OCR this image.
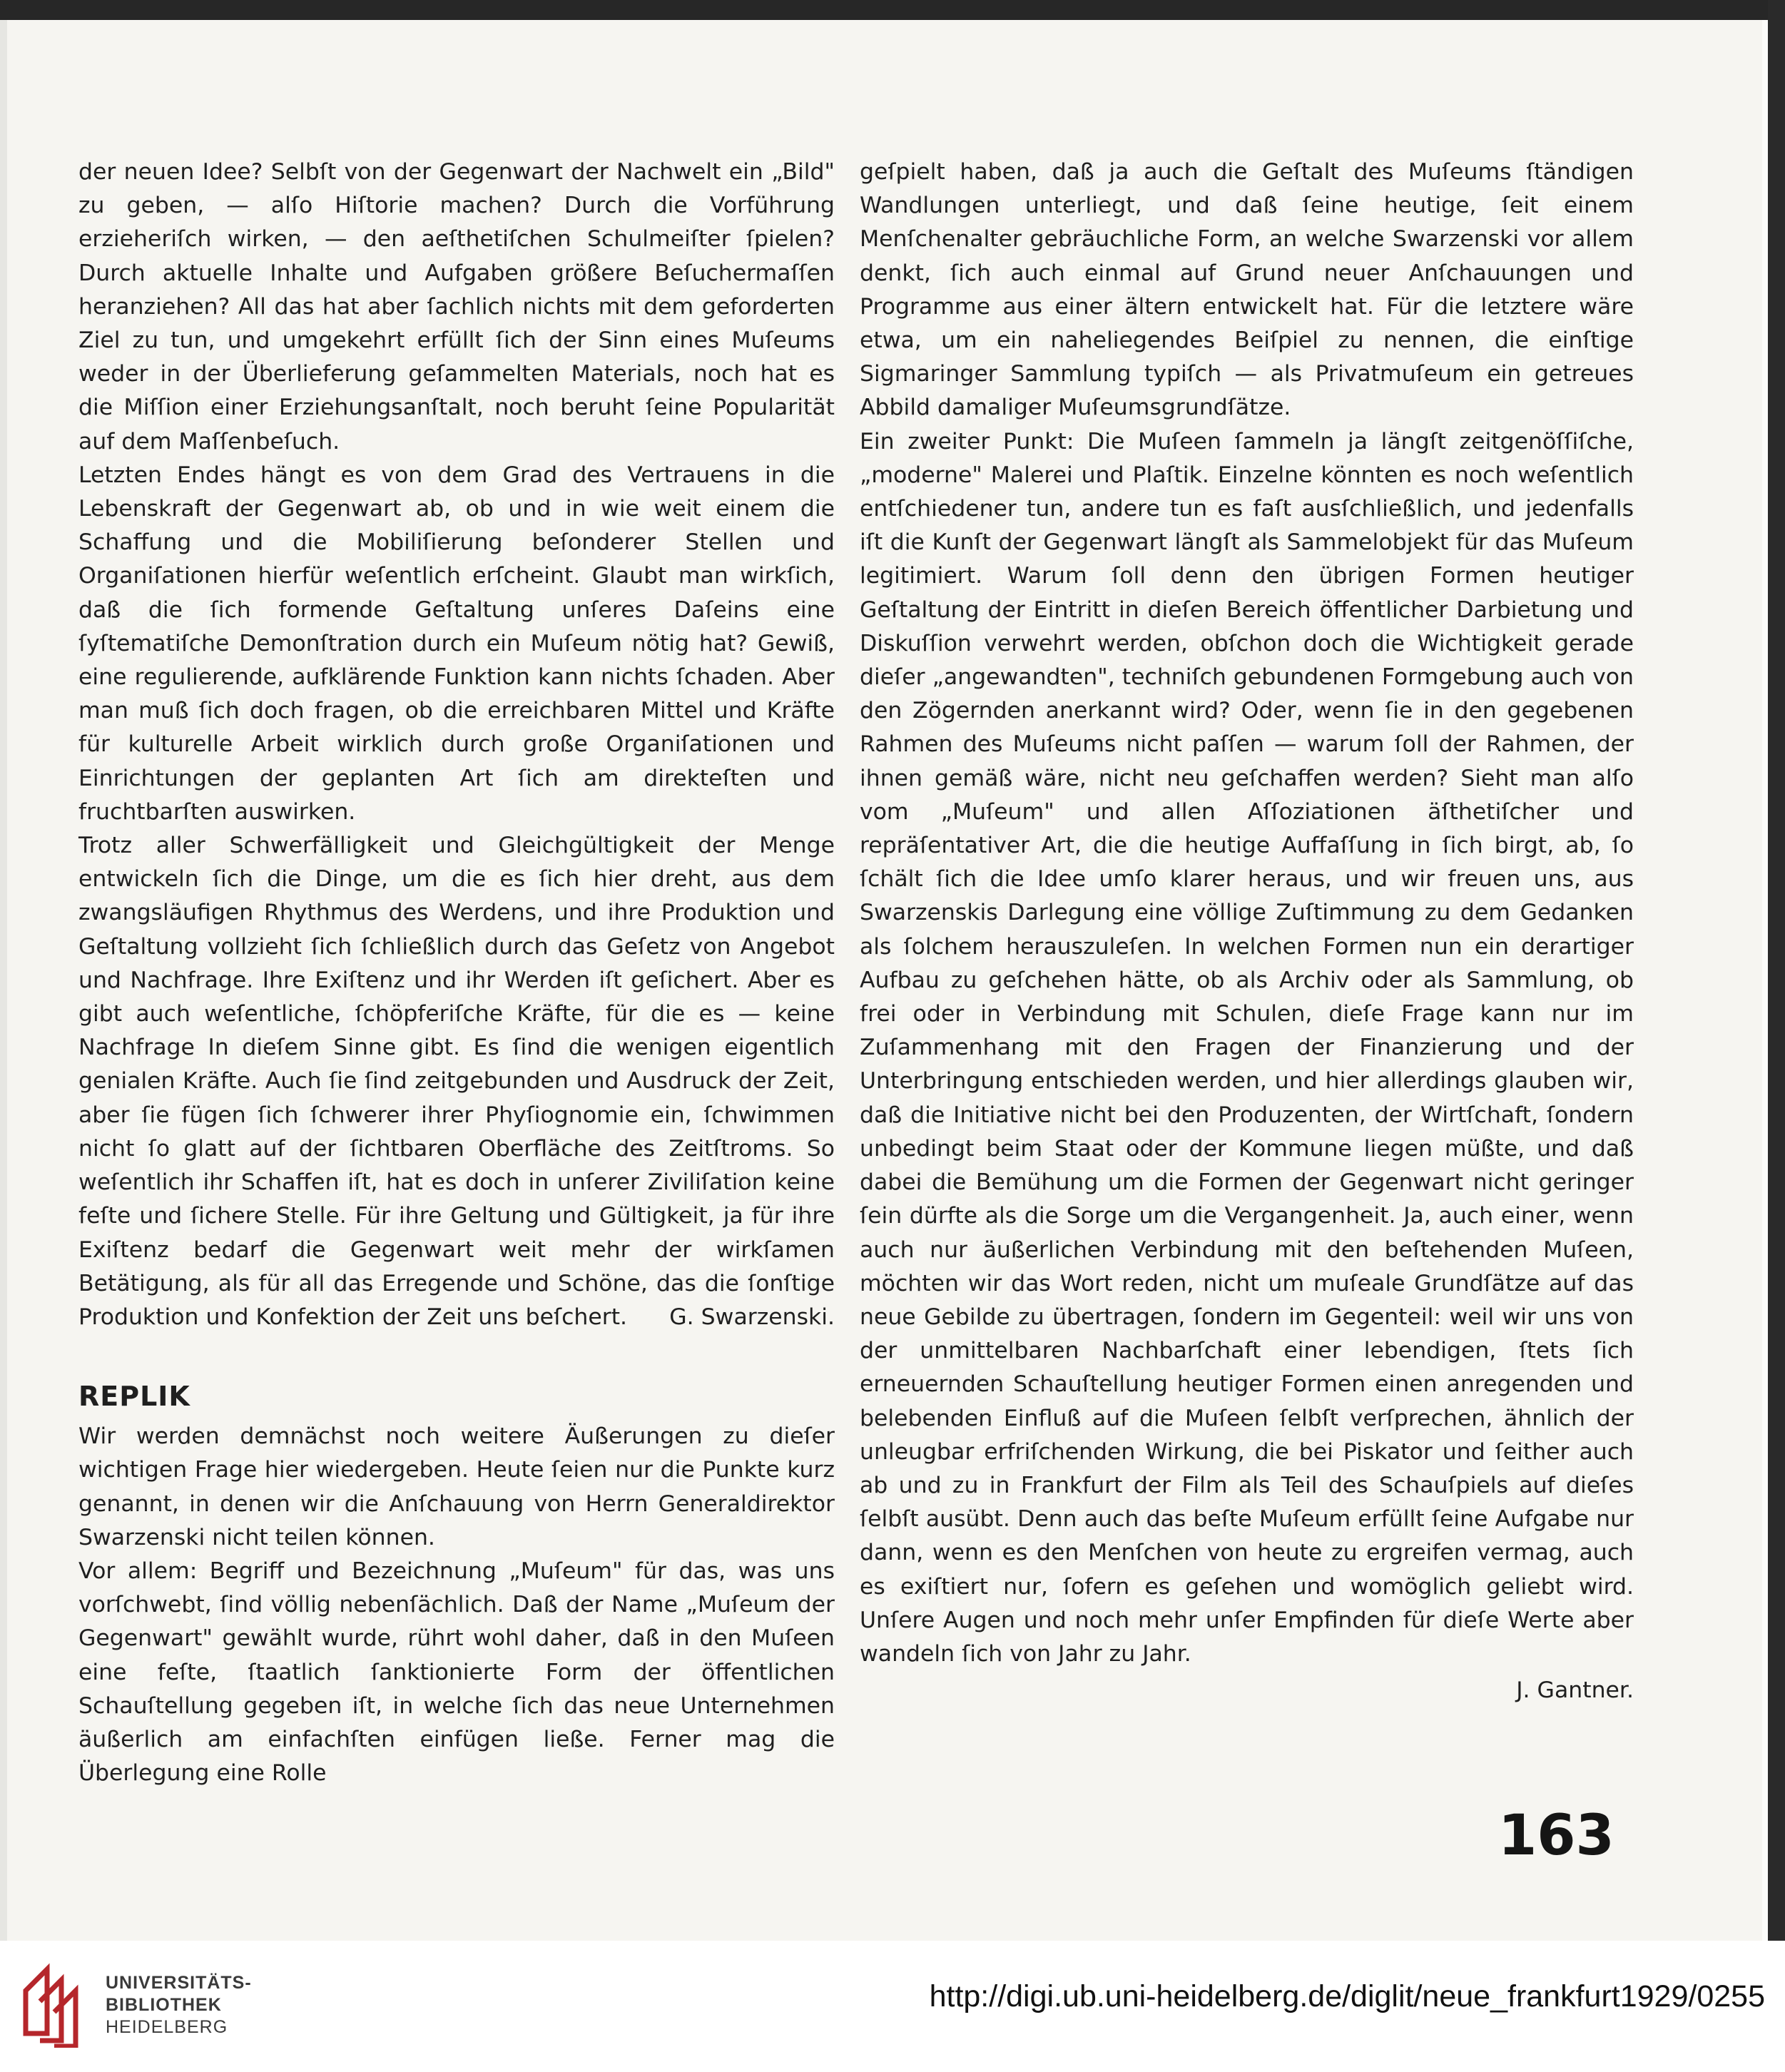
der neuen Idee? Selbſt von der Gegenwart der Nachwelt ein „Bild" zu geben, — alſo Hiſtorie machen? Durch die Vorführung erzieheriſch wirken, — den aeſthetiſchen Schulmeiſter ſpielen? Durch aktuelle Inhalte und Aufgaben größere Beſuchermaſſen heranziehen? All das hat aber ſachlich nichts mit dem geforderten Ziel zu tun, und umgekehrt erfüllt ſich der Sinn eines Muſeums weder in der Überlieferung geſammelten Materials, noch hat es die Miſſion einer Erziehungsanſtalt, noch beruht ſeine Popularität auf dem Maſſenbeſuch.

Letzten Endes hängt es von dem Grad des Vertrauens in die Lebenskraft der Gegenwart ab, ob und in wie weit einem die Schaffung und die Mobiliſierung beſonderer Stellen und Organiſationen hierfür weſentlich erſcheint. Glaubt man wirkſich, daß die ſich formende Geſtaltung unſeres Daſeins eine ſyſtematiſche Demonſtration durch ein Muſeum nötig hat? Gewiß, eine regulierende, aufklärende Funktion kann nichts ſchaden. Aber man muß ſich doch fragen, ob die erreichbaren Mittel und Kräfte für kulturelle Arbeit wirklich durch große Organiſationen und Einrichtungen der geplanten Art ſich am direkteſten und fruchtbarſten auswirken.

Trotz aller Schwerfälligkeit und Gleichgültigkeit der Menge entwickeln ſich die Dinge, um die es ſich hier dreht, aus dem zwangsläufigen Rhythmus des Werdens, und ihre Produktion und Geſtaltung vollzieht ſich ſchließlich durch das Geſetz von Angebot und Nachfrage. Ihre Exiſtenz und ihr Werden iſt geſichert. Aber es gibt auch weſentliche, ſchöpferiſche Kräfte, für die es — keine Nachfrage In dieſem Sinne gibt. Es ſind die wenigen eigentlich genialen Kräfte. Auch ſie ſind zeitgebunden und Ausdruck der Zeit, aber ſie fügen ſich ſchwerer ihrer Phyſiognomie ein, ſchwimmen nicht ſo glatt auf der ſichtbaren Oberfläche des Zeitſtroms. So weſentlich ihr Schaffen iſt, hat es doch in unſerer Ziviliſation keine feſte und ſichere Stelle. Für ihre Geltung und Gültigkeit, ja für ihre Exiſtenz bedarf die Gegenwart weit mehr der wirkſamen Betätigung, als für all das Erregende und Schöne, das die ſonſtige Produktion und Konfektion der Zeit uns beſchert.	G. Swarzenski.
REPLIK

Wir werden demnächst noch weitere Äußerungen zu dieſer wichtigen Frage hier wiedergeben. Heute ſeien nur die Punkte kurz genannt, in denen wir die Anſchauung von Herrn Generaldirektor Swarzenski nicht teilen können.

Vor allem: Begriff und Bezeichnung „Muſeum" für das, was uns vorſchwebt, ſind völlig nebenſächlich. Daß der Name „Muſeum der Gegenwart" gewählt wurde, rührt wohl daher, daß in den Muſeen eine feſte, ſtaatlich ſanktionierte Form der öffentlichen Schauſtellung gegeben iſt, in welche ſich das neue Unternehmen äußerlich am einfachſten einfügen ließe. Ferner mag die Überlegung eine Rolle

geſpielt haben, daß ja auch die Geſtalt des Muſeums ſtändigen Wandlungen unterliegt, und daß ſeine heutige, ſeit einem Menſchenalter gebräuchliche Form, an welche Swarzenski vor allem denkt, ſich auch einmal auf Grund neuer Anſchauungen und Programme aus einer ältern entwickelt hat. Für die letztere wäre etwa, um ein naheliegendes Beiſpiel zu nennen, die einſtige Sigmaringer Sammlung typiſch — als Privatmuſeum ein getreues Abbild damaliger Muſeumsgrundſätze.

Ein zweiter Punkt: Die Muſeen ſammeln ja längſt zeitgenöſſiſche, „moderne" Malerei und Plaſtik. Einzelne könnten es noch weſentlich entſchiedener tun, andere tun es faſt ausſchließlich, und jedenfalls iſt die Kunſt der Gegenwart längſt als Sammelobjekt für das Muſeum legitimiert. Warum ſoll denn den übrigen Formen heutiger Geſtaltung der Eintritt in dieſen Bereich öffentlicher Darbietung und Diskuſſion verwehrt werden, obſchon doch die Wichtigkeit gerade dieſer „angewandten", techniſch gebundenen Formgebung auch von den Zögernden anerkannt wird? Oder, wenn ſie in den gegebenen Rahmen des Muſeums nicht paſſen — warum ſoll der Rahmen, der ihnen gemäß wäre, nicht neu geſchaffen werden? Sieht man alſo vom „Muſeum" und allen Aſſoziationen äſthetiſcher und repräſentativer Art, die die heutige Auffaſſung in ſich birgt, ab, ſo ſchält ſich die Idee umſo klarer heraus, und wir freuen uns, aus Swarzenskis Darlegung eine völlige Zuſtimmung zu dem Gedanken als ſolchem herauszuleſen. In welchen Formen nun ein derartiger Aufbau zu geſchehen hätte, ob als Archiv oder als Sammlung, ob frei oder in Verbindung mit Schulen, dieſe Frage kann nur im Zuſammenhang mit den Fragen der Finanzierung und der Unterbringung entschieden werden, und hier allerdings glauben wir, daß die Initiative nicht bei den Produzenten, der Wirtſchaft, ſondern unbedingt beim Staat oder der Kommune liegen müßte, und daß dabei die Bemühung um die Formen der Gegenwart nicht geringer ſein dürfte als die Sorge um die Vergangenheit. Ja, auch einer, wenn auch nur äußerlichen Verbindung mit den beſtehenden Muſeen, möchten wir das Wort reden, nicht um muſeale Grundſätze auf das neue Gebilde zu übertragen, ſondern im Gegenteil: weil wir uns von der unmittelbaren Nachbarſchaft einer lebendigen, ſtets ſich erneuernden Schauſtellung heutiger Formen einen anregenden und belebenden Einfluß auf die Muſeen ſelbſt verſprechen, ähnlich der unleugbar erfriſchenden Wirkung, die bei Piskator und ſeither auch ab und zu in Frankfurt der Film als Teil des Schauſpiels auf dieſes ſelbſt ausübt. Denn auch das beſte Muſeum erfüllt ſeine Aufgabe nur dann, wenn es den Menſchen von heute zu ergreifen vermag, auch es exiſtiert nur, ſofern es geſehen und womöglich geliebt wird. Unſere Augen und noch mehr unſer Empfinden für dieſe Werte aber wandeln ſich von Jahr zu Jahr.

J. Gantner.
163
UNIVERSITÄTS-
BIBLIOTHEK
HEIDELBERG
http://digi.ub.uni-heidelberg.de/diglit/neue_frankfurt1929/0255
